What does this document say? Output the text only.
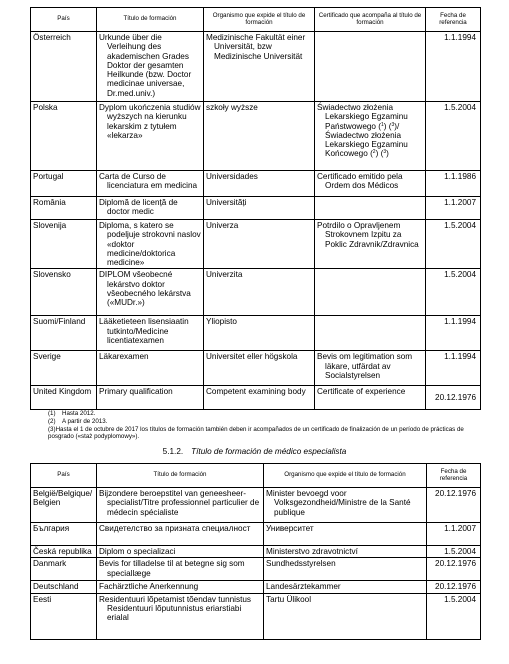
País	Título de formación	Organismo que expide el título de formación	Certificado que acompaña al título de formación	Fecha de referencia
Österreich	Urkunde über die Verleihung des akademischen Grades Doktor der gesamten Heilkunde (bzw. Doctor medicinae universae, Dr.med.univ.)	Medizinische Fakultät einer Universität, bzw Medizinische Universität		1.1.1994
Polska	Dyplom ukończenia studiów wyższych na kierunku lekarskim z tytułem «lekarza»	szkoły wyższe	Świadectwo złożenia Lekarskiego Egzaminu Państwowego ($^1$) ($^3$)/Świadectwo złożenia Lekarskiego Egzaminu Końcowego ($^2$) ($^3$)	1.5.2004
Portugal	Carta de Curso de licenciatura em medicina	Universidades	Certificado emitido pela Ordem dos Médicos	1.1.1986
România	Diplomă de licență de doctor medic	Universități		1.1.2007
Slovenija	Diploma, s katero se podeljuje strokovni naslov «doktor medicine/doktorica medicine»	Univerza	Potrdilo o Opravljenem Strokovnem Izpitu za Poklic Zdravnik/Zdravnica	1.5.2004
Slovensko	DIPLOM všeobecné lekárstvo doktor všeobecného lekárstva («MUDr.»)	Univerzita		1.5.2004
Suomi/Finland	Lääketieteen lisensiaatin tutkinto/Medicine licentiatexamen	Yliopisto		1.1.1994
Sverige	Läkarexamen	Universitet eller högskola	Bevis om legitimation som läkare, utfärdat av Socialstyrelsen	1.1.1994
United Kingdom	Primary qualification	Competent examining body	Certificate of experience	20.12.1976
(1) Hasta 2012.
(2) A partir de 2013.
(3)Hasta el 1 de octubre de 2017 los títulos de formación también deben ir acompañados de un certificado de finalización de un período de prácticas de posgrado («staż podyplomowy»).
5.1.2. Título de formación de médico especialista
País	Título de formación	Organismo que expide el título de formación	Fecha de referencia
België/Belgique/ Belgien	Bijzondere beroepstitel van geneesheer-specialist/Titre professionnel particulier de médecin spécialiste	Minister bevoegd voor Volksgezondheid/Ministre de la Santé publique	20.12.1976
България	Свидетелство за призната специалност	Университет	1.1.2007
Česká republika	Diplom o specializaci	Ministerstvo zdravotnictví	1.5.2004
Danmark	Bevis for tilladelse til at betegne sig som speciallæge	Sundhedsstyrelsen	20.12.1976
Deutschland	Fachärztliche Anerkennung	Landesärztekammer	20.12.1976
Eesti	Residentuuri lõpetamist tõendav tunnistus Residentuuri lõputunnistus eriarstiabi erialal	Tartu Ülikool	1.5.2004
